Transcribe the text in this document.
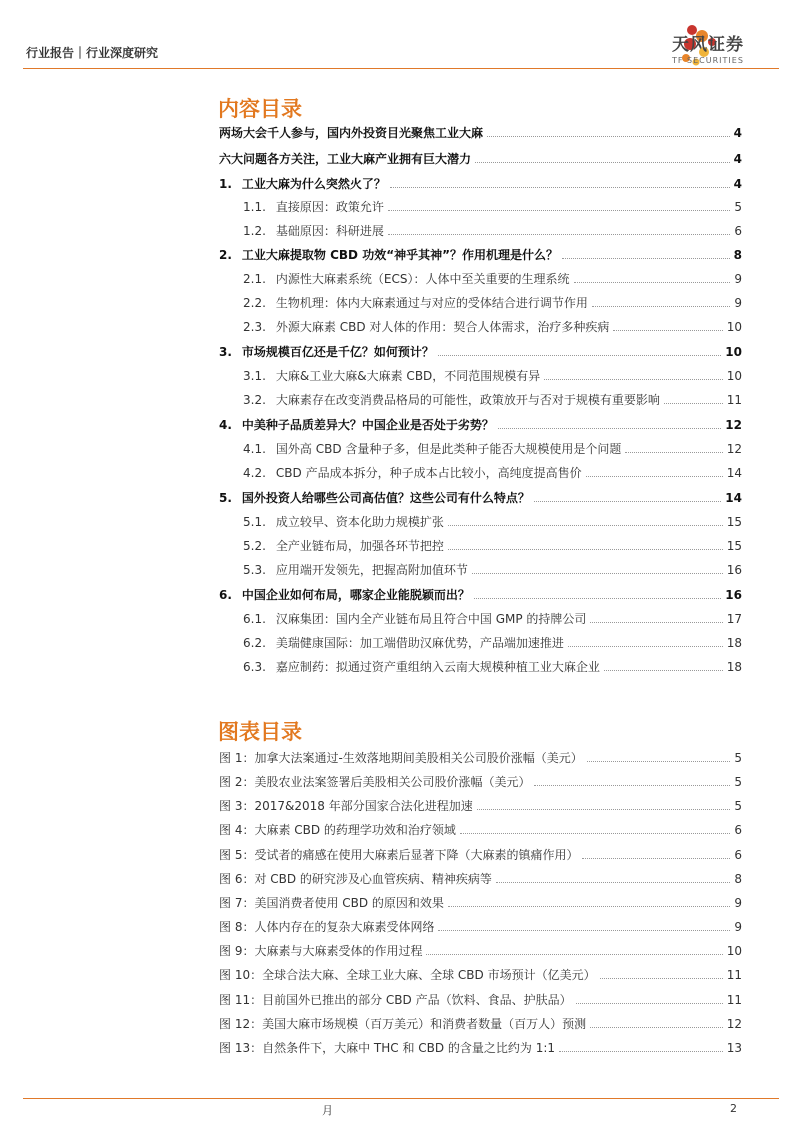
行业报告｜行业深度研究	天风证券
TF SECURITIES
内容目录
两场大会千人参与，国内外投资目光聚焦工业大麻	4
六大问题各方关注，工业大麻产业拥有巨大潜力	4
1. 工业大麻为什么突然火了？	4
1.1. 直接原因：政策允许	5
1.2. 基础原因：科研进展	6
2. 工业大麻提取物 CBD 功效“神乎其神”？作用机理是什么？	8
2.1. 内源性大麻素系统（ECS）：人体中至关重要的生理系统	9
2.2. 生物机理：体内大麻素通过与对应的受体结合进行调节作用	9
2.3. 外源大麻素 CBD 对人体的作用：契合人体需求，治疗多种疾病	10
3. 市场规模百亿还是千亿？如何预计？	10
3.1. 大麻&工业大麻&大麻素 CBD，不同范围规模有异	10
3.2. 大麻素存在改变消费品格局的可能性，政策放开与否对于规模有重要影响	11
4. 中美种子品质差异大？中国企业是否处于劣势？	12
4.1. 国外高 CBD 含量种子多，但是此类种子能否大规模使用是个问题	12
4.2. CBD 产品成本拆分，种子成本占比较小，高纯度提高售价	14
5. 国外投资人给哪些公司高估值？这些公司有什么特点？	14
5.1. 成立较早、资本化助力规模扩张	15
5.2. 全产业链布局，加强各环节把控	15
5.3. 应用端开发领先，把握高附加值环节	16
6. 中国企业如何布局，哪家企业能脱颖而出？	16
6.1. 汉麻集团：国内全产业链布局且符合中国 GMP 的持牌公司	17
6.2. 美瑞健康国际：加工端借助汉麻优势，产品端加速推进	18
6.3. 嘉应制药：拟通过资产重组纳入云南大规模种植工业大麻企业	18
图表目录
图 1：加拿大法案通过-生效落地期间美股相关公司股价涨幅（美元）	5
图 2：美股农业法案签署后美股相关公司股价涨幅（美元）	5
图 3：2017&2018 年部分国家合法化进程加速	5
图 4：大麻素 CBD 的药理学功效和治疗领域	6
图 5：受试者的痛感在使用大麻素后显著下降（大麻素的镇痛作用）	6
图 6：对 CBD 的研究涉及心血管疾病、精神疾病等	8
图 7：美国消费者使用 CBD 的原因和效果	9
图 8：人体内存在的复杂大麻素受体网络	9
图 9：大麻素与大麻素受体的作用过程	10
图 10：全球合法大麻、全球工业大麻、全球 CBD 市场预计（亿美元）	11
图 11：目前国外已推出的部分 CBD 产品（饮料、食品、护肤品）	11
图 12：美国大麻市场规模（百万美元）和消费者数量（百万人）预测	12
图 13：自然条件下，大麻中 THC 和 CBD 的含量之比约为 1:1	13
月	2
